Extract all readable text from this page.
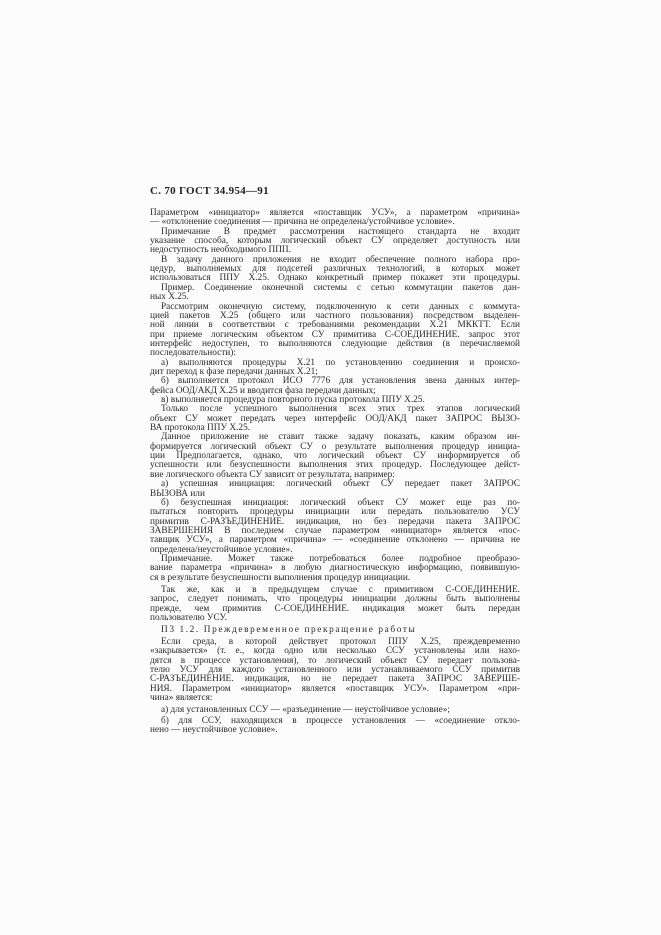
С. 70 ГОСТ 34.954—91
Параметром «инициатор» является «поставщик УСУ», а параметром «причина»
— «отклонение соединения — причина не определена/устойчивое условие».
Примечание В предмет рассмотрения настоящего стандарта не входит
указание способа, которым логический объект СУ определяет доступность или
недоступность необходимого ППП.
В задачу данного приложения не входит обеспечение полного набора про-
цедур, выполняемых для подсетей различных технологий, в которых может
использоваться ППУ X.25. Однако конкретный пример покажет эти процедуры.
Пример. Соединение оконечной системы с сетью коммутации пакетов дан-
ных X.25.
Рассмотрим оконечную систему, подключенную к сети данных с коммута-
цией пакетов X.25 (общего или частного пользования) посредством выделен-
ной линии в соответствии с требованиями рекомендации X.21 МККТТ. Если
при приеме логическим объектом СУ примитива С-СОЕДИНЕНИЕ. запрос этот
интерфейс недоступен, то выполняются следующие действия (в перечисляемой
последовательности):
а) выполняются процедуры X.21 по установлению соединения и происхо-
дит переход к фазе передачи данных X.21;
б) выполняется протокол ИСО 7776 для установления звена данных интер-
фейса ООД/АКД X.25 и вводится фаза передачи данных;
в) выполняется процедура повторного пуска протокола ППУ X.25.
Только после успешного выполнения всех этих трех этапов логический
объект СУ может передать через интерфейс ООД/АКД пакет ЗАПРОС ВЫЗО-
ВА протокола ППУ X.25.
Данное приложение не ставит также задачу показать, каким образом ин-
формируется логический объект СУ о результате выполнения процедур инициа-
ции Предполагается, однако, что логический объект СУ информируется об
успешности или безуспешности выполнения этих процедур. Последующее дейст-
вие логического объекта СУ зависит от результата, например:
а) успешная инициация: логический объект СУ передает пакет ЗАПРОС
ВЫЗОВА или
б) безуспешная инициация: логический объект СУ может еще раз по-
пытаться повторить процедуры инициации или передать пользователю УСУ
примитив С-РАЗЪЕДИНЕНИЕ. индикация, но без передачи пакета ЗАПРОС
ЗАВЕРШЕНИЯ В последнем случае параметром «инициатор» является «пос-
тавщик УСУ», а параметром «причина» — «соединение отклонено — причина не
определена/неустойчивое условие».
Примечание. Может также потребоваться более подробное преобразо-
вание параметра «причина» в любую диагностическую информацию, появившую-
ся в результате безуспешности выполнения процедур инициации.
Так же, как и в предыдущем случае с примитивом С-СОЕДИНЕНИЕ.
запрос, следует понимать, что процедуры инициации должны быть выполнены
прежде, чем примитив С-СОЕДИНЕНИЕ. индикация может быть передан
пользователю УСУ.
П3 1.2. Преждевременное прекращение работы
Если среда, в которой действует протокол ППУ X.25, преждевременно
«закрывается» (т. е., когда одно или несколько ССУ установлены или нахо-
дятся в процессе установления), то логический объект СУ передает пользова-
телю УСУ для каждого установленного или устанавливаемого ССУ примитив
С-РАЗЪЕДИНЕНИЕ. индикация, но не передает пакета ЗАПРОС ЗАВЕРШЕ-
НИЯ. Параметром «инициатор» является «поставщик УСУ». Параметром «при-
чина» является:
а) для установленных ССУ — «разъединение — неустойчивое условие»;
б) для ССУ, находящихся в процессе установления — «соединение откло-
нено — неустойчивое условие».
